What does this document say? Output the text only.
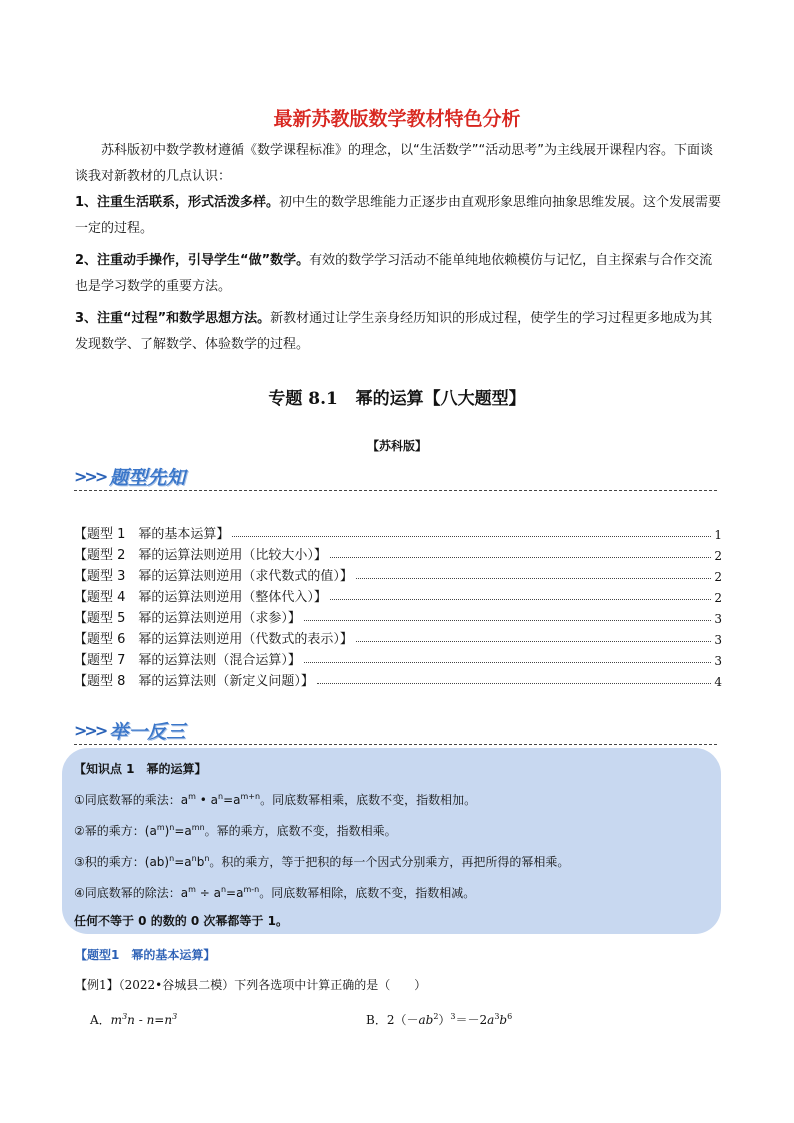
最新苏教版数学教材特色分析
苏科版初中数学教材遵循《数学课程标准》的理念，以“生活数学”“活动思考”为主线展开课程内容。下面谈谈我对新教材的几点认识：
1、注重生活联系，形式活泼多样。初中生的数学思维能力正逐步由直观形象思维向抽象思维发展。这个发展需要一定的过程。
2、注重动手操作，引导学生“做”数学。有效的数学学习活动不能单纯地依赖模仿与记忆，自主探索与合作交流也是学习数学的重要方法。
3、注重“过程”和数学思想方法。新教材通过让学生亲身经历知识的形成过程，使学生的学习过程更多地成为其发现数学、了解数学、体验数学的过程。
专题 8.1 幂的运算【八大题型】
【苏科版】
>>> 题型先知
【题型 1　幂的基本运算】	1
【题型 2　幂的运算法则逆用（比较大小）】	2
【题型 3　幂的运算法则逆用（求代数式的值）】	2
【题型 4　幂的运算法则逆用（整体代入）】	2
【题型 5　幂的运算法则逆用（求参）】	3
【题型 6　幂的运算法则逆用（代数式的表示）】	3
【题型 7　幂的运算法则（混合运算）】	3
【题型 8　幂的运算法则（新定义问题）】	4
>>> 举一反三
【知识点 1　幂的运算】
①同底数幂的乘法：$a^m$ • $a^n=a^{m+n}$。同底数幂相乘，底数不变，指数相加。
②幂的乘方：$(a^m)^n=a^{mn}$。幂的乘方，底数不变，指数相乘。
③积的乘方：$(ab)^n=a^nb^n$。积的乘方，等于把积的每一个因式分别乘方，再把所得的幂相乘。
④同底数幂的除法：$a^m \div a^n=a^{m-n}$。同底数幂相除，底数不变，指数相减。
任何不等于 0 的数的 0 次幂都等于 1。
【题型1　幂的基本运算】
【例1】（2022•谷城县二模）下列各选项中计算正确的是（　　）
A．$m^3n - n=n^3$	B．$2(-ab^2)^3=-2a^3b^6$
